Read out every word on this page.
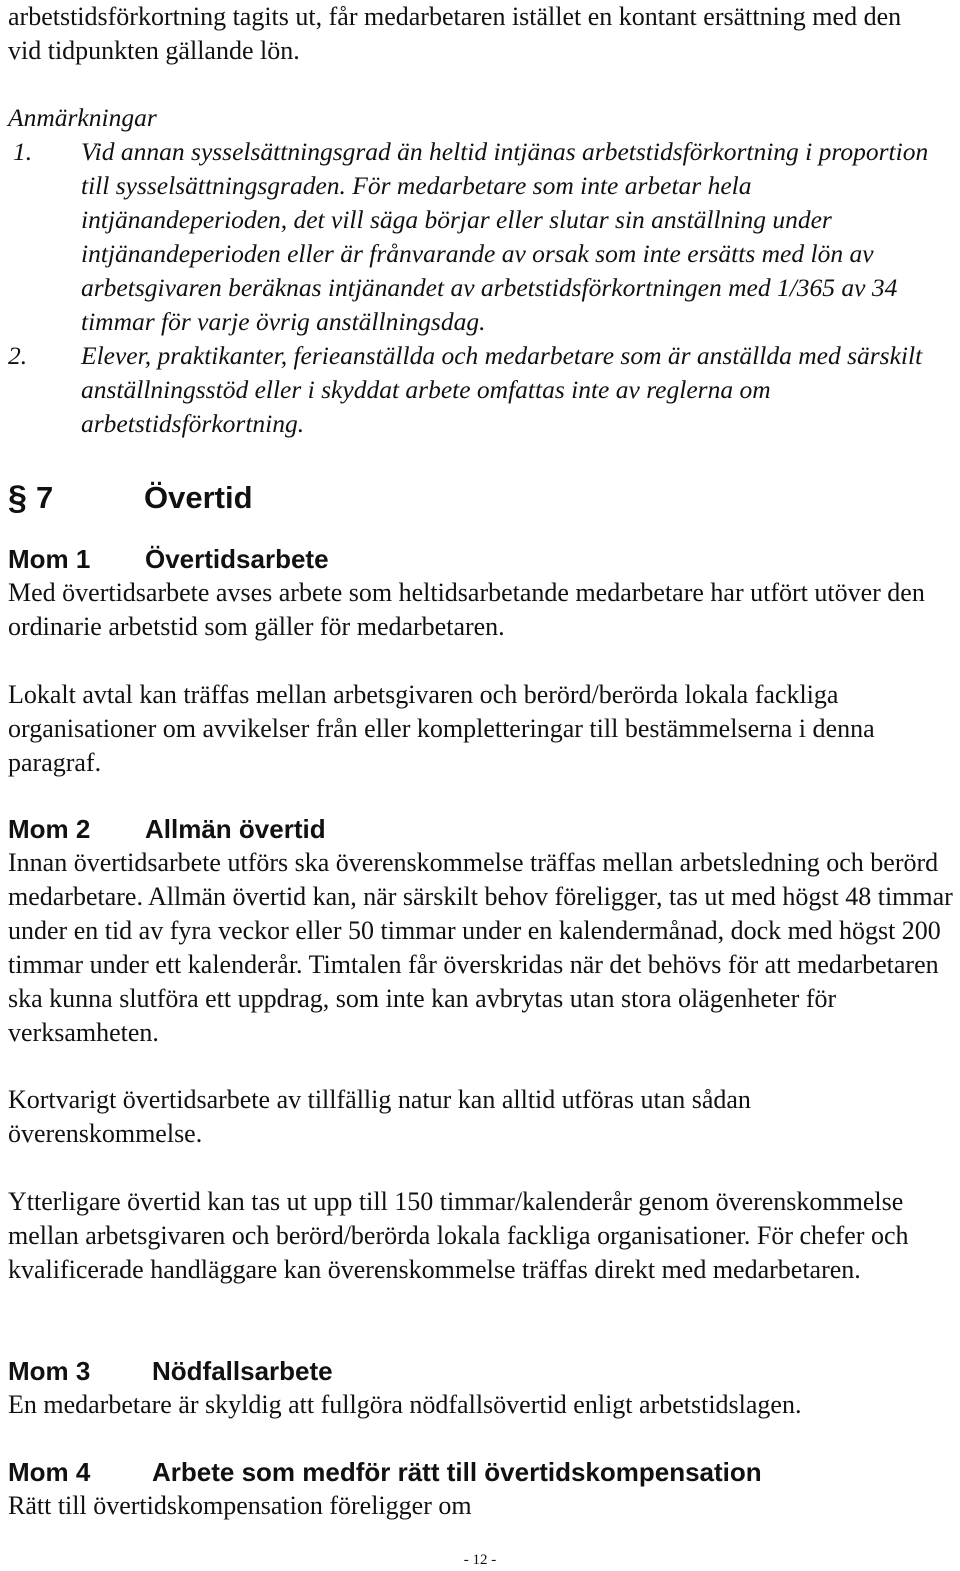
arbetstidsförkortning tagits ut, får medarbetaren istället en kontant ersättning med den vid tidpunkten gällande lön.

Anmärkningar

1. Vid annan sysselsättningsgrad än heltid intjänas arbetstidsförkortning i proportion till sysselsättningsgraden. För medarbetare som inte arbetar hela intjänandeperioden, det vill säga börjar eller slutar sin anställning under intjänandeperioden eller är frånvarande av orsak som inte ersätts med lön av arbetsgivaren beräknas intjänandet av arbetstidsförkortningen med 1/365 av 34 timmar för varje övrig anställningsdag.
2. Elever, praktikanter, ferieanställda och medarbetare som är anställda med särskilt anställningsstöd eller i skyddat arbete omfattas inte av reglerna om arbetstidsförkortning.
§ 7	Övertid
Mom 1	Övertidsarbete

Med övertidsarbete avses arbete som heltidsarbetande medarbetare har utfört utöver den ordinarie arbetstid som gäller för medarbetaren.

Lokalt avtal kan träffas mellan arbetsgivaren och berörd/berörda lokala fackliga organisationer om avvikelser från eller kompletteringar till bestämmelserna i denna paragraf.

Mom 2	Allmän övertid

Innan övertidsarbete utförs ska överenskommelse träffas mellan arbetsledning och berörd medarbetare. Allmän övertid kan, när särskilt behov föreligger, tas ut med högst 48 timmar under en tid av fyra veckor eller 50 timmar under en kalendermånad, dock med högst 200 timmar under ett kalenderår. Timtalen får överskridas när det behövs för att medarbetaren ska kunna slutföra ett uppdrag, som inte kan avbrytas utan stora olägenheter för verksamheten.

Kortvarigt övertidsarbete av tillfällig natur kan alltid utföras utan sådan överenskommelse.

Ytterligare övertid kan tas ut upp till 150 timmar/kalenderår genom överenskommelse mellan arbetsgivaren och berörd/berörda lokala fackliga organisationer. För chefer och kvalificerade handläggare kan överenskommelse träffas direkt med medarbetaren.

Mom 3	Nödfallsarbete

En medarbetare är skyldig att fullgöra nödfallsövertid enligt arbetstidslagen.

Mom 4	Arbete som medför rätt till övertidskompensation

Rätt till övertidskompensation föreligger om

- 12 -
